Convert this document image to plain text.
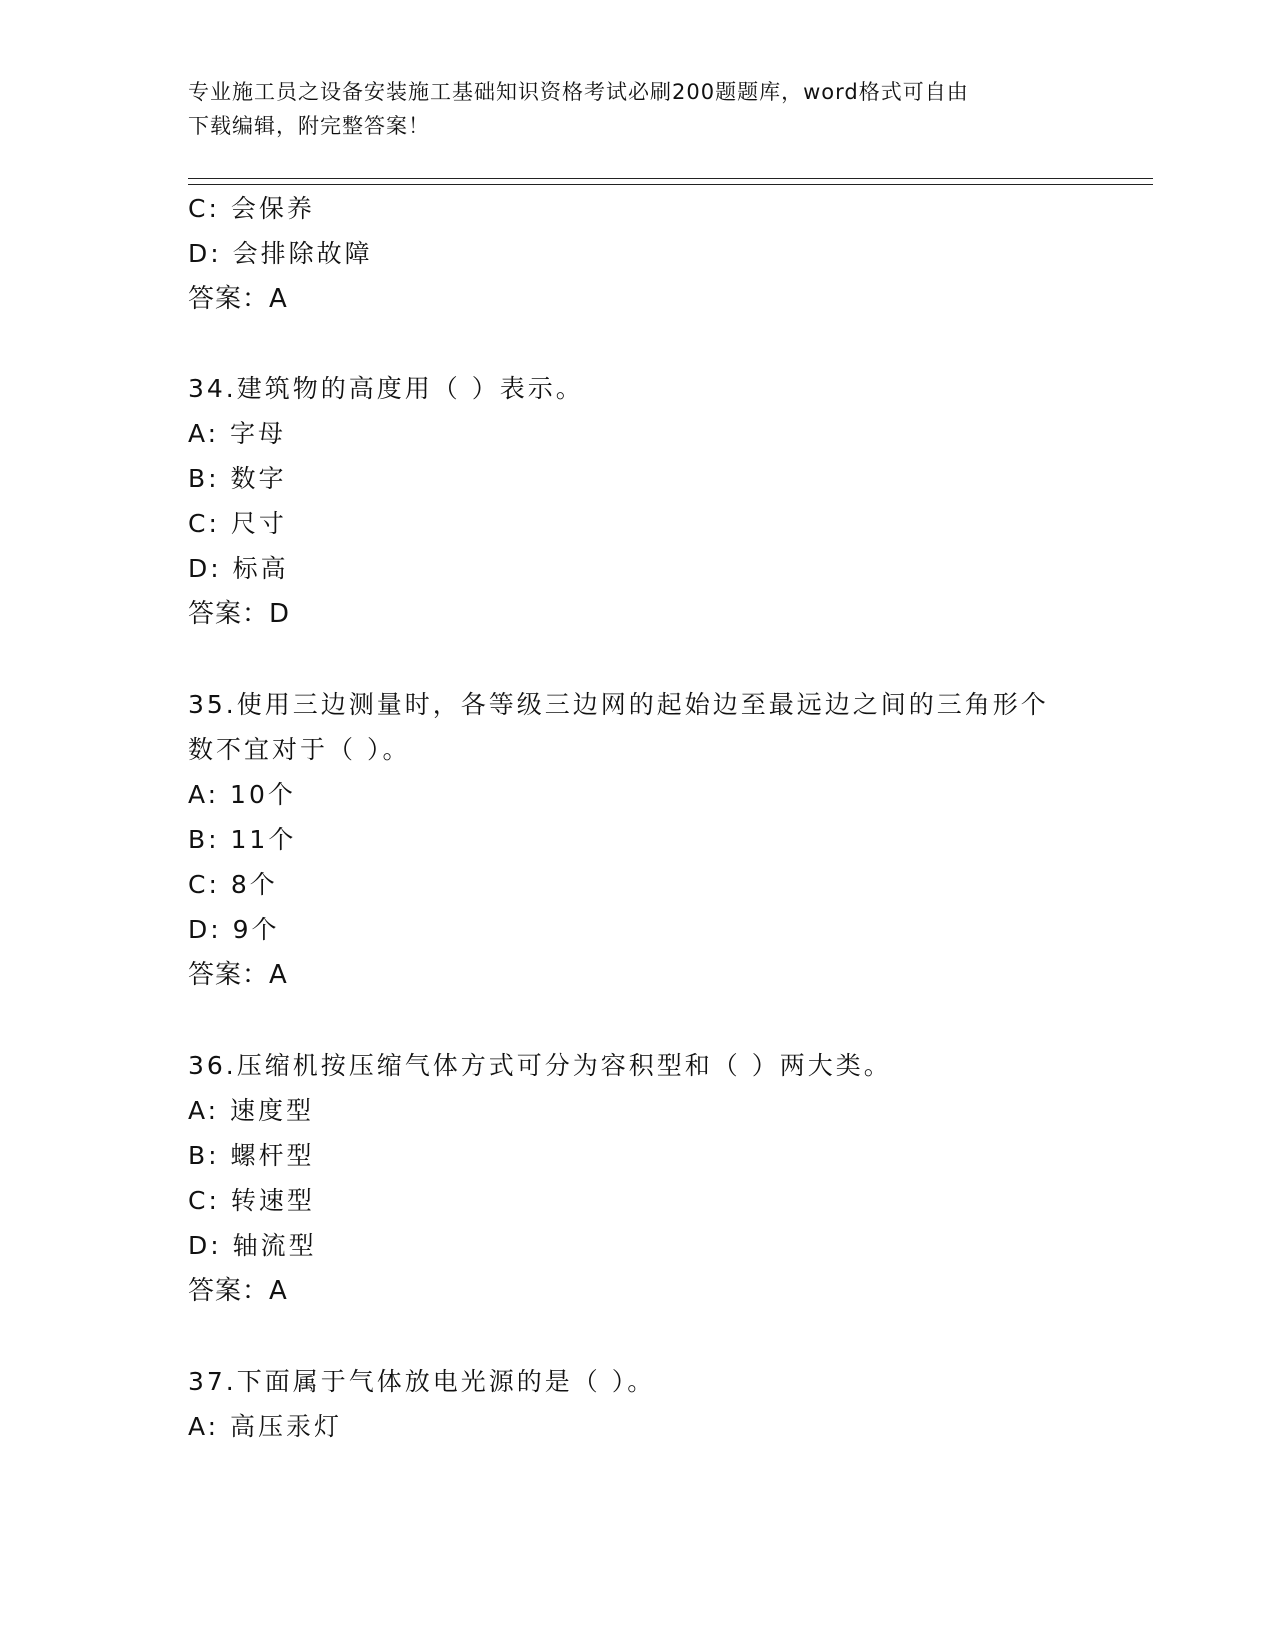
专业施工员之设备安装施工基础知识资格考试必刷200题题库，word格式可自由
下载编辑，附完整答案！
C: 会保养
D: 会排除故障
答案：A
34.建筑物的高度用（ ）表示。
A: 字母
B: 数字
C: 尺寸
D: 标高
答案：D
35.使用三边测量时，各等级三边网的起始边至最远边之间的三角形个
数不宜对于（ ）。
A: 10个
B: 11个
C: 8个
D: 9个
答案：A
36.压缩机按压缩气体方式可分为容积型和（ ）两大类。
A: 速度型
B: 螺杆型
C: 转速型
D: 轴流型
答案：A
37.下面属于气体放电光源的是（ ）。
A: 高压汞灯
